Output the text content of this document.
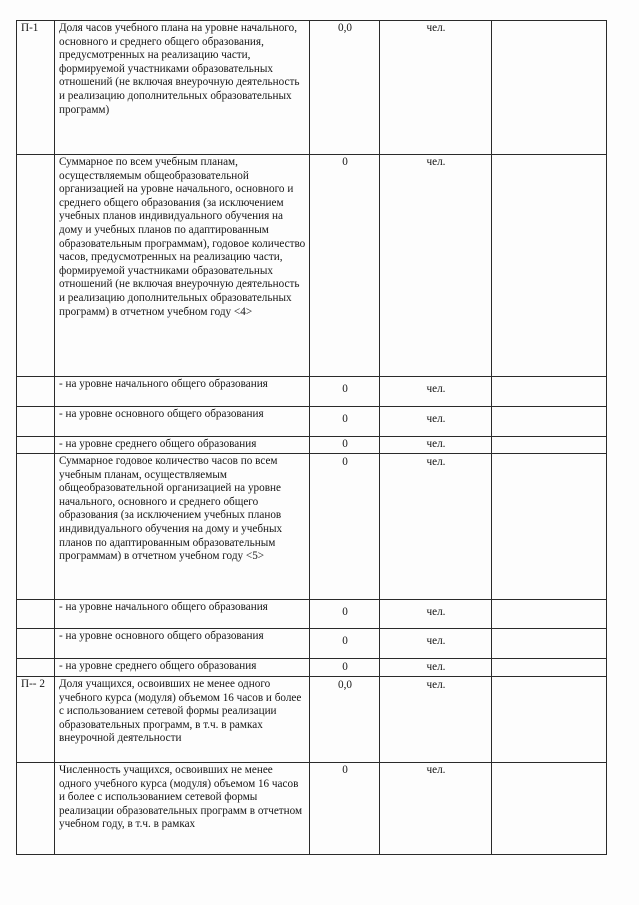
П-1	Доля часов учебного плана на уровне начального, основного и среднего общего образования, предусмотренных на реализацию части, формируемой участниками образовательных отношений (не включая внеурочную деятельность и реализацию дополнительных образовательных программ)	0,0	чел.	
	Суммарное по всем учебным планам, осуществляемым общеобразовательной организацией на уровне начального, основного и среднего общего образования (за исключением учебных планов индивидуального обучения на дому и учебных планов по адаптированным образовательным программам), годовое количество часов, предусмотренных на реализацию части, формируемой участниками образовательных отношений (не включая внеурочную деятельность и реализацию дополнительных образовательных программ) в отчетном учебном году <4>	0	чел.	
	- на уровне начального общего образования	0	чел.	
	- на уровне основного общего образования	0	чел.	
	- на уровне среднего общего образования	0	чел.	
	Суммарное годовое количество часов по всем учебным планам, осуществляемым общеобразовательной организацией на уровне начального, основного и среднего общего образования (за исключением учебных планов индивидуального обучения на дому и учебных планов по адаптированным образовательным программам) в отчетном учебном году <5>	0	чел.	
	- на уровне начального общего образования	0	чел.	
	- на уровне основного общего образования	0	чел.	
	- на уровне среднего общего образования	0	чел.	
П-- 2	Доля учащихся, освоивших не менее одного учебного курса (модуля) объемом 16 часов и более с использованием сетевой формы реализации образовательных программ, в т.ч. в рамках внеурочной деятельности	0,0	чел.	
	Численность учащихся, освоивших не менее одного учебного курса (модуля) объемом 16 часов и более с использованием сетевой формы реализации образовательных программ в отчетном учебном году, в т.ч. в рамках	0	чел.	
